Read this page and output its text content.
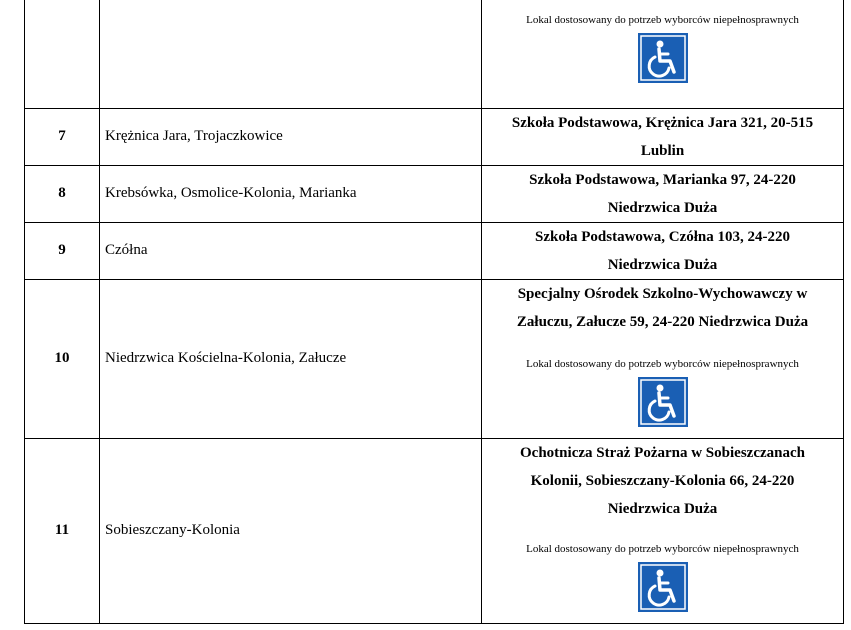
		Lokal dostosowany do potrzeb wyborców niepełnosprawnych

7	Krężnica Jara, Trojaczkowice	Szkoła Podstawowa, Krężnica Jara 321, 20-515
Lublin

8	Krebsówka, Osmolice-Kolonia, Marianka	Szkoła Podstawowa, Marianka 97, 24-220
Niedrzwica Duża

9	Czółna	Szkoła Podstawowa, Czółna 103, 24-220
Niedrzwica Duża

10	Niedrzwica Kościelna-Kolonia, Załucze	Specjalny Ośrodek Szkolno-Wychowawczy w
Załuczu, Załucze 59, 24-220 Niedrzwica Duża
Lokal dostosowany do potrzeb wyborców niepełnosprawnych

11	Sobieszczany-Kolonia	Ochotnicza Straż Pożarna w Sobieszczanach
Kolonii, Sobieszczany-Kolonia 66, 24-220
Niedrzwica Duża
Lokal dostosowany do potrzeb wyborców niepełnosprawnych
